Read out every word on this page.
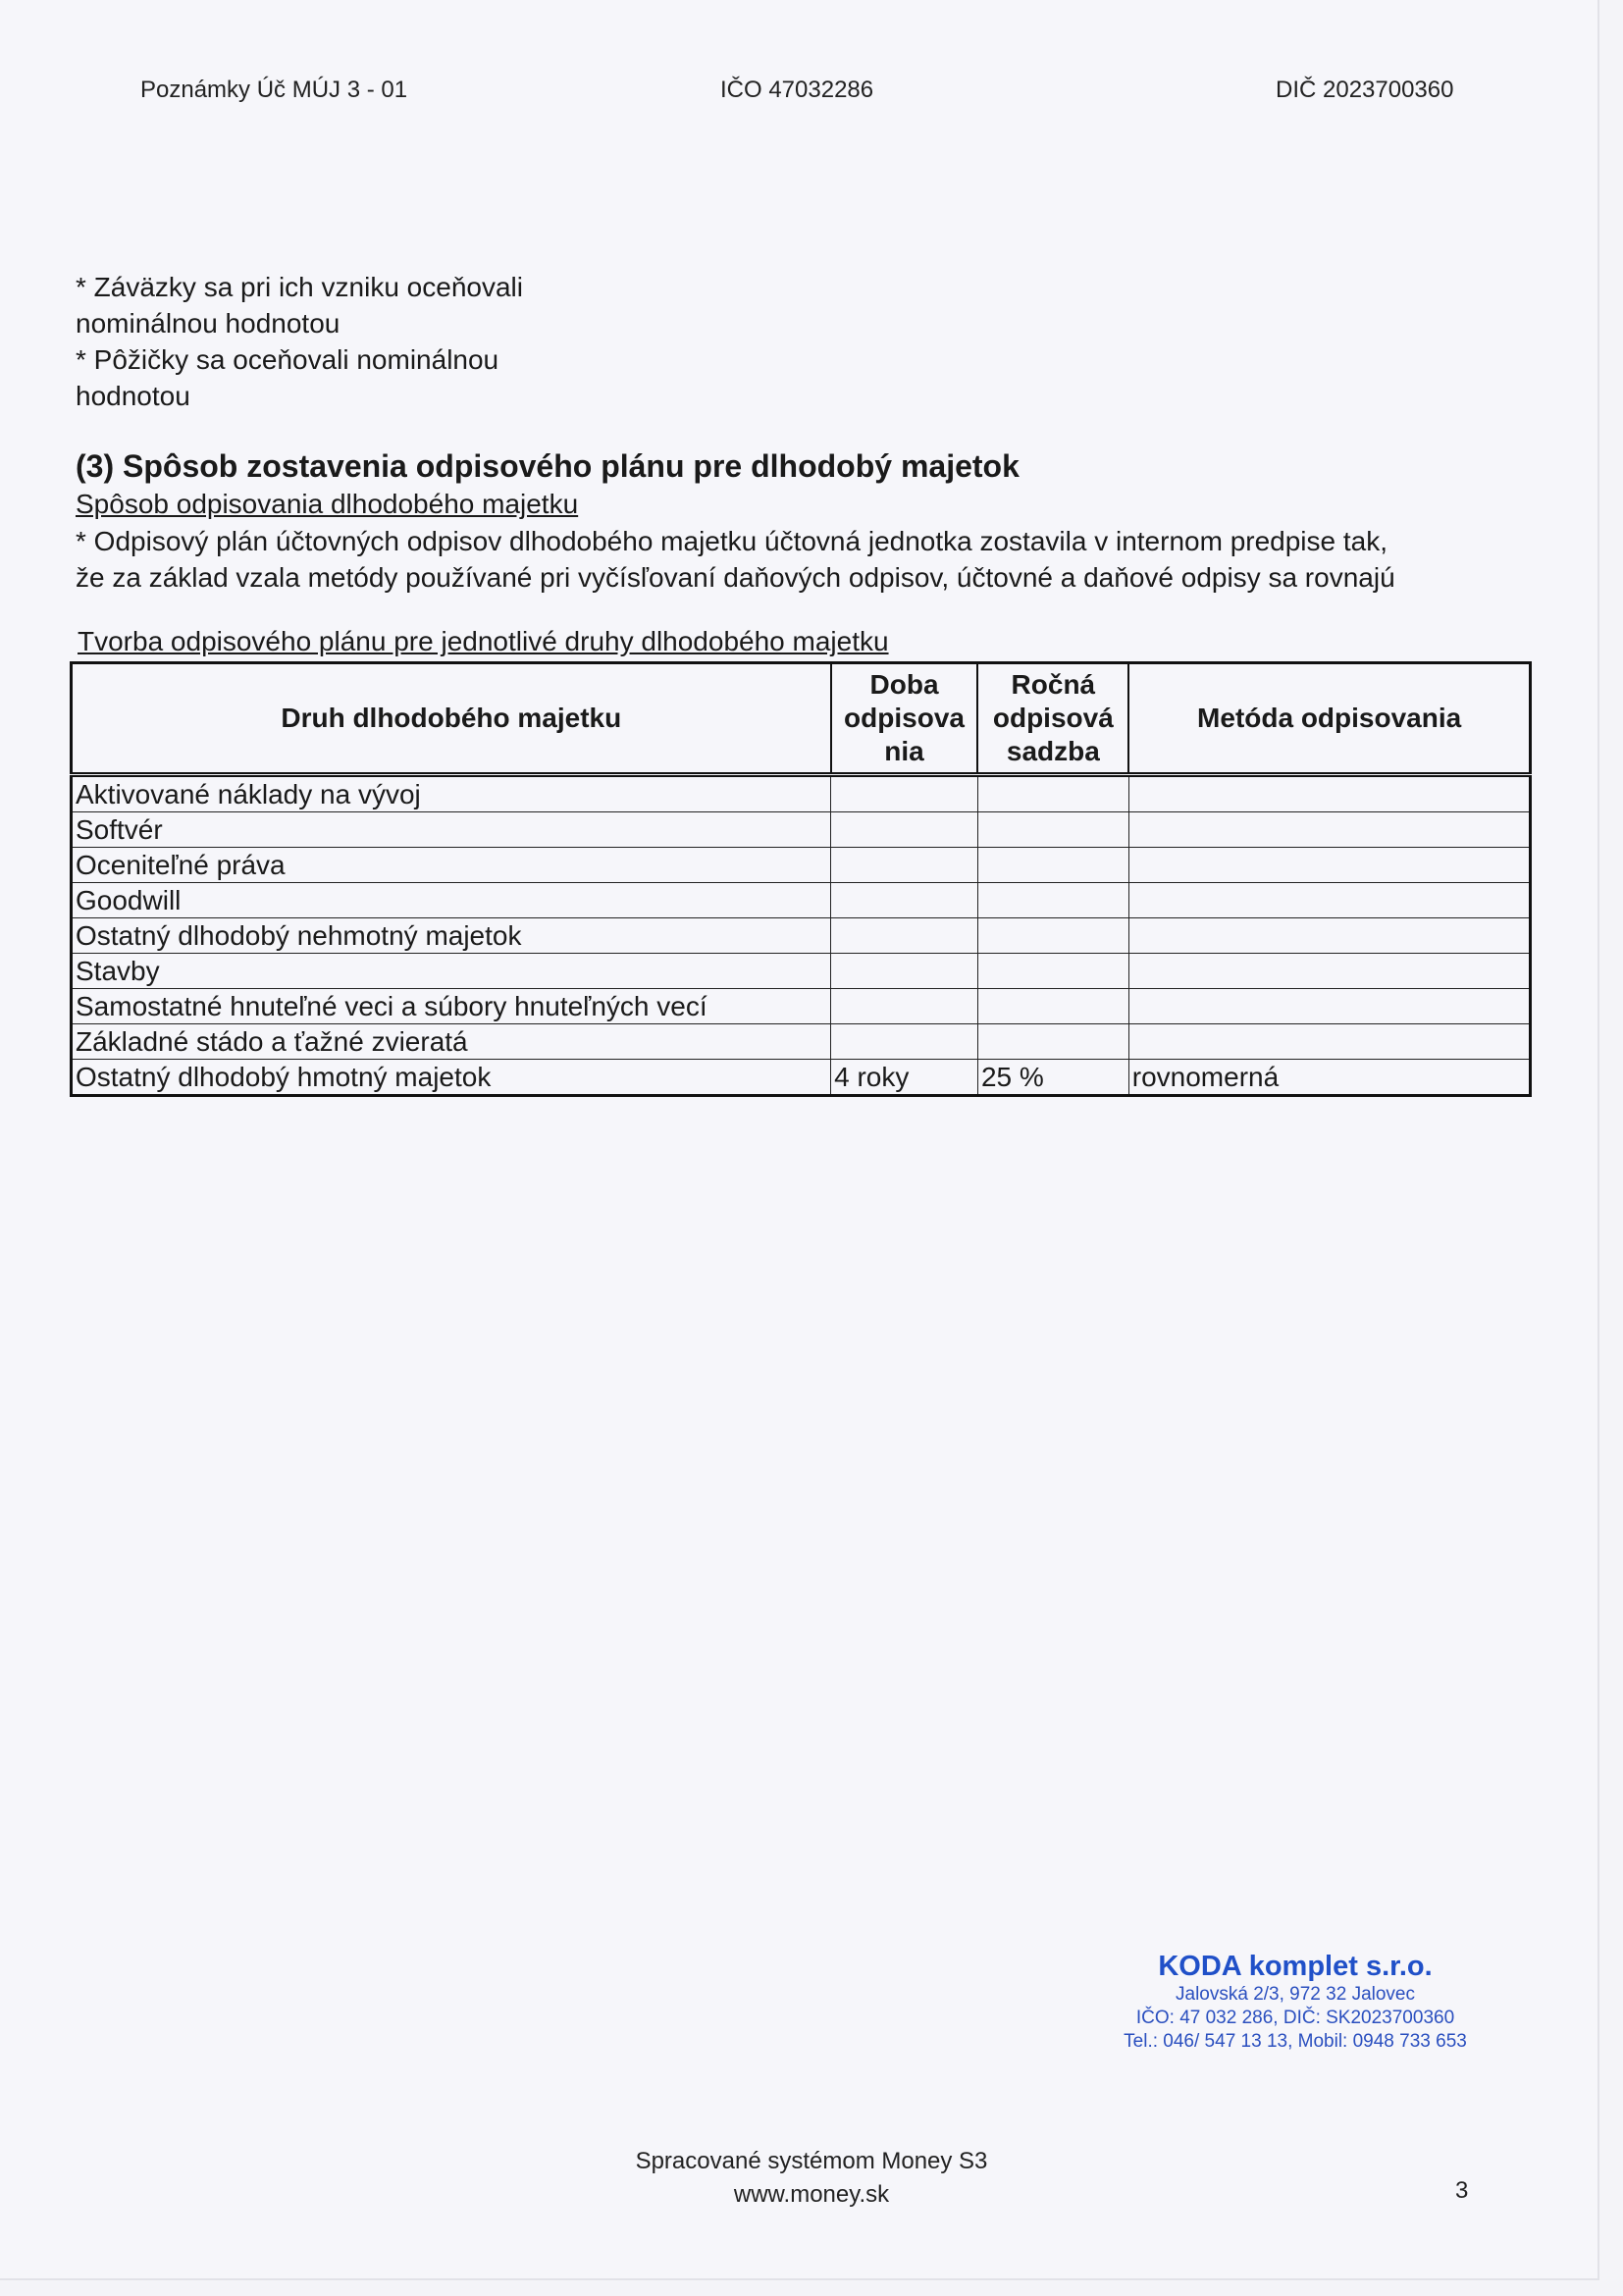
Poznámky Úč MÚJ 3 - 01	IČO 47032286	DIČ 2023700360

* Záväzky sa pri ich vzniku oceňovali

nominálnou hodnotou

* Pôžičky sa oceňovali nominálnou

hodnotou

(3) Spôsob zostavenia odpisového plánu pre dlhodobý majetok
Spôsob odpisovania dlhodobého majetku

* Odpisový plán účtovných odpisov dlhodobého majetku účtovná jednotka zostavila v internom predpise tak,

že za základ vzala metódy používané pri vyčísľovaní daňových odpisov, účtovné a daňové odpisy sa rovnajú

Tvorba odpisového plánu pre jednotlivé druhy dlhodobého majetku
Druh dlhodobého majetku	Doba
odpisova
nia	Ročná
odpisová
sadzba	Metóda odpisovania
Aktivované náklady na vývoj			
Softvér			
Oceniteľné práva			
Goodwill			
Ostatný dlhodobý nehmotný majetok			
Stavby			
Samostatné hnuteľné veci a súbory hnuteľných vecí			
Základné stádo a ťažné zvieratá			
Ostatný dlhodobý hmotný majetok	4 roky	25 %	rovnomerná
KODA komplet s.r.o.
Jalovská 2/3, 972 32 Jalovec
IČO: 47 032 286, DIČ: SK2023700360
Tel.: 046/ 547 13 13, Mobil: 0948 733 653
Spracované systémom Money S3
www.money.sk	3
